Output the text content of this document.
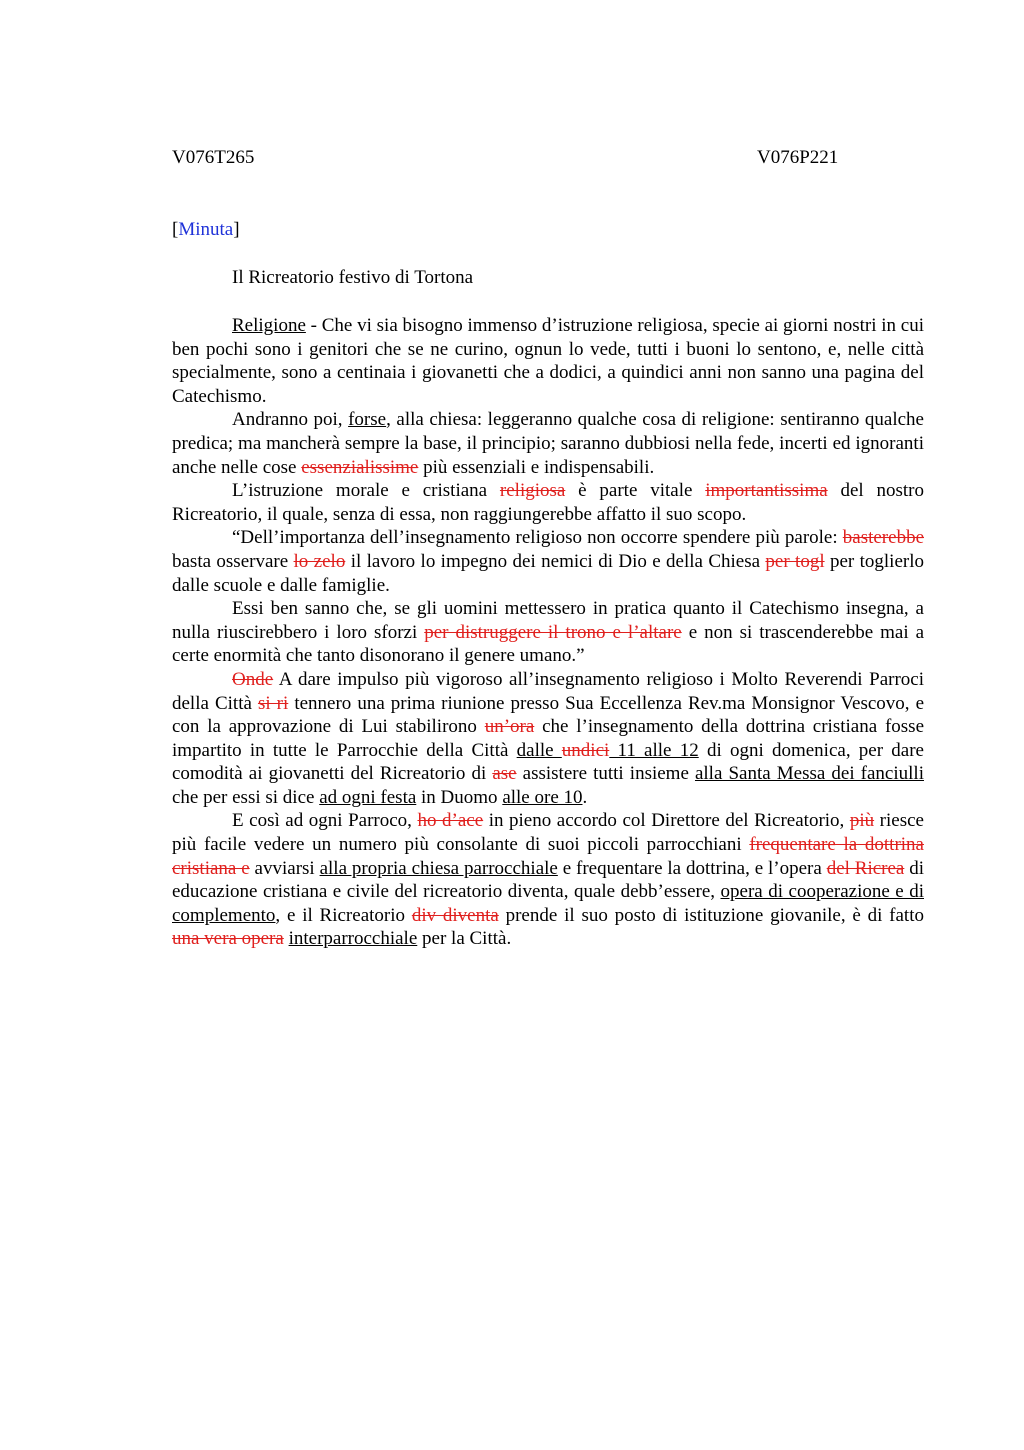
V076T265	V076P221
[Minuta]
Il Ricreatorio festivo di Tortona

Religione - Che vi sia bisogno immenso d’istruzione religiosa, specie ai giorni nostri in cui ben pochi sono i genitori che se ne curino, ognun lo vede, tutti i buoni lo sentono, e, nelle città specialmente, sono a centinaia i giovanetti che a dodici, a quindici anni non sanno una pagina del Catechismo.

Andranno poi, forse, alla chiesa: leggeranno qualche cosa di religione: sentiranno qualche predica; ma mancherà sempre la base, il principio; saranno dubbiosi nella fede, incerti ed ignoranti anche nelle cose essenzialissime più essenziali e indispensabili.

L’istruzione morale e cristiana religiosa è parte vitale importantissima del nostro Ricreatorio, il quale, senza di essa, non raggiungerebbe affatto il suo scopo.

“Dell’importanza dell’insegnamento religioso non occorre spendere più parole: basterebbe basta osservare lo zelo il lavoro lo impegno dei nemici di Dio e della Chiesa per togl per toglierlo dalle scuole e dalle famiglie.

Essi ben sanno che, se gli uomini mettessero in pratica quanto il Catechismo insegna, a nulla riuscirebbero i loro sforzi per distruggere il trono e l’altare e non si trascenderebbe mai a certe enormità che tanto disonorano il genere umano.”

Onde A dare impulso più vigoroso all’insegnamento religioso i Molto Reverendi Parroci della Città si ri tennero una prima riunione presso Sua Eccellenza Rev.ma Monsignor Vescovo, e con la approvazione di Lui stabilirono un’ora che l’insegnamento della dottrina cristiana fosse impartito in tutte le Parrocchie della Città dalle undici 11 alle 12 di ogni domenica, per dare comodità ai giovanetti del Ricreatorio di ase assistere tutti insieme alla Santa Messa dei fanciulli che per essi si dice ad ogni festa in Duomo alle ore 10.

E così ad ogni Parroco, ho d’ace in pieno accordo col Direttore del Ricreatorio, più riesce più facile vedere un numero più consolante di suoi piccoli parrocchiani frequentare la dottrina cristiana e avviarsi alla propria chiesa parrocchiale e frequentare la dottrina, e l’opera del Ricrea di educazione cristiana e civile del ricreatorio diventa, quale debb’essere, opera di cooperazione e di complemento, e il Ricreatorio div diventa prende il suo posto di istituzione giovanile, è di fatto una vera opera interparrocchiale per la Città.
